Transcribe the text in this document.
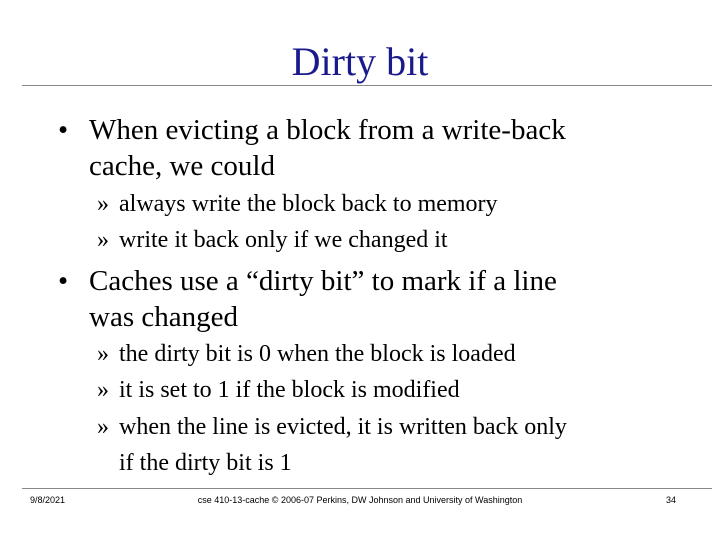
Dirty bit
• When evicting a block from a write-back
cache, we could
» always write the block back to memory
» write it back only if we changed it
• Caches use a “dirty bit” to mark if a line
was changed
» the dirty bit is 0 when the block is loaded
» it is set to 1 if the block is modified
» when the line is evicted, it is written back only
if the dirty bit is 1
9/8/2021	cse 410-13-cache © 2006-07 Perkins, DW Johnson and University of Washington	34
